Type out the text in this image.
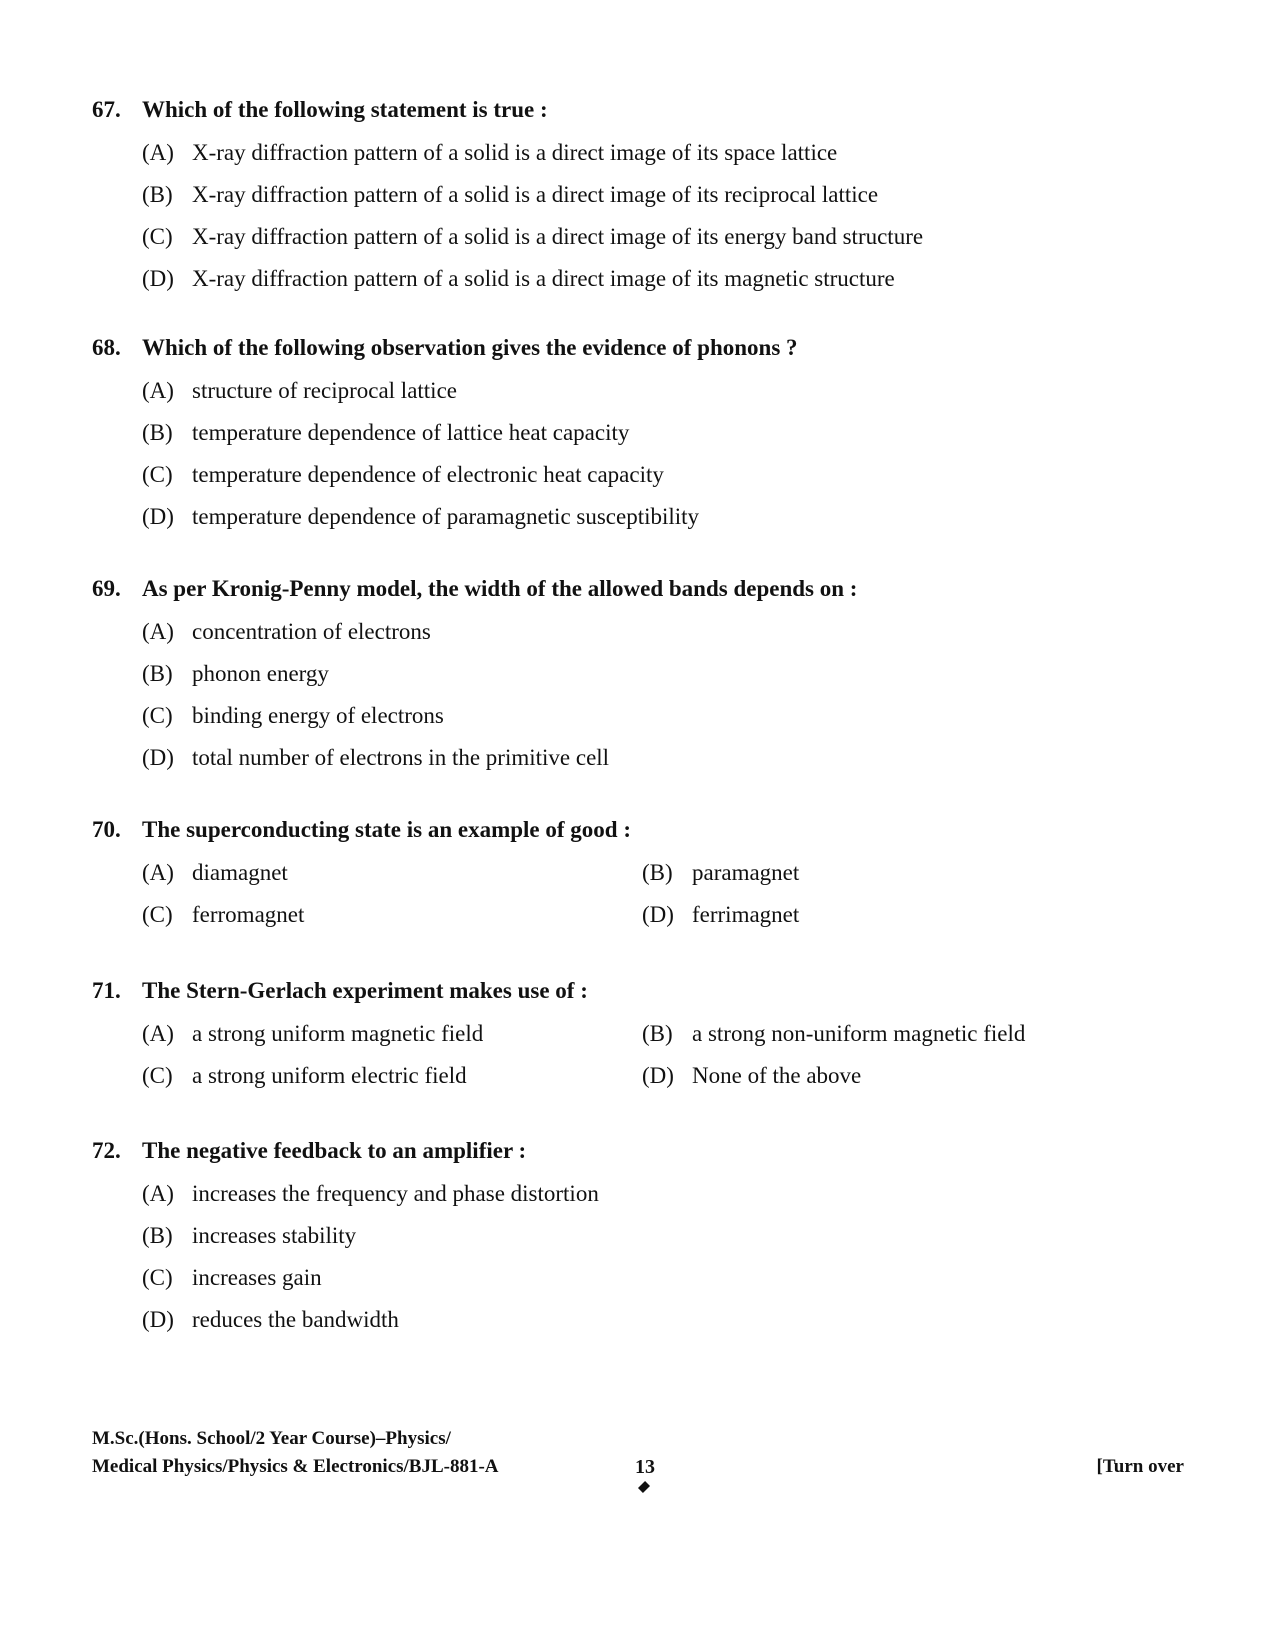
67. Which of the following statement is true :
(A) X-ray diffraction pattern of a solid is a direct image of its space lattice
(B) X-ray diffraction pattern of a solid is a direct image of its reciprocal lattice
(C) X-ray diffraction pattern of a solid is a direct image of its energy band structure
(D) X-ray diffraction pattern of a solid is a direct image of its magnetic structure
68. Which of the following observation gives the evidence of phonons ?
(A) structure of reciprocal lattice
(B) temperature dependence of lattice heat capacity
(C) temperature dependence of electronic heat capacity
(D) temperature dependence of paramagnetic susceptibility
69. As per Kronig-Penny model, the width of the allowed bands depends on :
(A) concentration of electrons
(B) phonon energy
(C) binding energy of electrons
(D) total number of electrons in the primitive cell
70. The superconducting state is an example of good :
(A) diamagnet	(B) paramagnet
(C) ferromagnet	(D) ferrimagnet
71. The Stern-Gerlach experiment makes use of :
(A) a strong uniform magnetic field	(B) a strong non-uniform magnetic field
(C) a strong uniform electric field	(D) None of the above
72. The negative feedback to an amplifier :
(A) increases the frequency and phase distortion
(B) increases stability
(C) increases gain
(D) reduces the bandwidth
M.Sc.(Hons. School/2 Year Course)–Physics/
Medical Physics/Physics & Electronics/BJL-881-A	13	[Turn over
